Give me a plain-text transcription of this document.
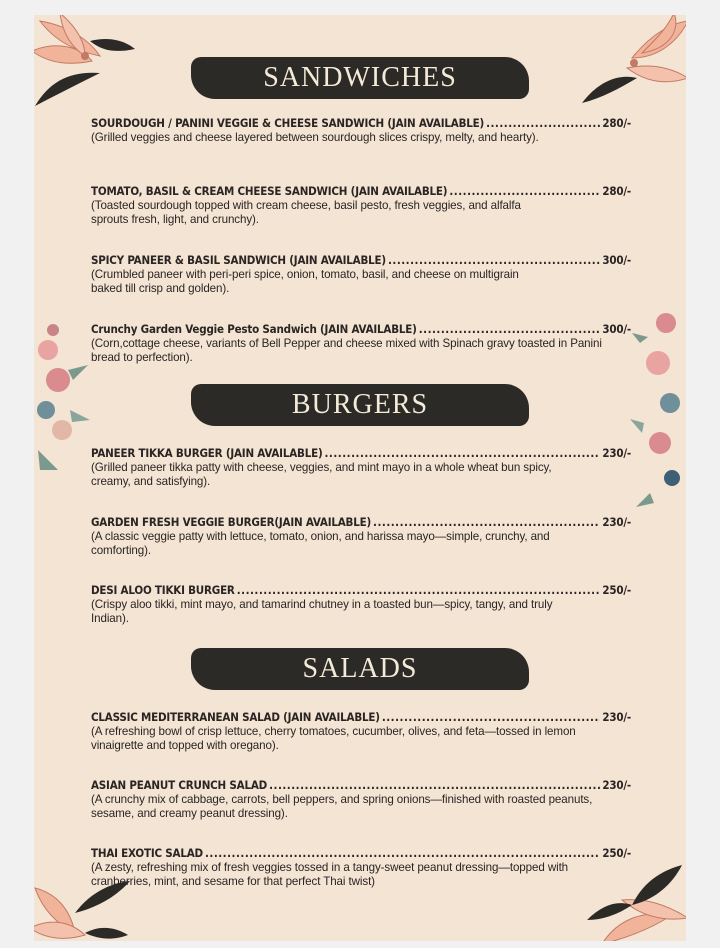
SANDWICHES
SOURDOUGH / PANINI VEGGIE & CHEESE SANDWICH (JAIN AVAILABLE) .....	280/-
(Grilled veggies and cheese layered between sourdough slices crispy, melty, and hearty).
TOMATO, BASIL & CREAM CHEESE SANDWICH (JAIN AVAILABLE) .....	280/-
(Toasted sourdough topped with cream cheese, basil pesto, fresh veggies, and alfalfa sprouts fresh, light, and crunchy).
SPICY PANEER & BASIL SANDWICH (JAIN AVAILABLE) .....	300/-
(Crumbled paneer with peri-peri spice, onion, tomato, basil, and cheese on multigrain baked till crisp and golden).
Crunchy Garden Veggie Pesto Sandwich (JAIN AVAILABLE) .....	300/-
(Corn,cottage cheese, variants of Bell Pepper and cheese mixed with Spinach gravy toasted in Panini bread to perfection).
BURGERS
PANEER TIKKA BURGER (JAIN AVAILABLE) .....	230/-
(Grilled paneer tikka patty with cheese, veggies, and mint mayo in a whole wheat bun spicy, creamy, and satisfying).
GARDEN FRESH VEGGIE BURGER(JAIN AVAILABLE) .....	230/-
(A classic veggie patty with lettuce, tomato, onion, and harissa mayo—simple, crunchy, and comforting).
DESI ALOO TIKKI BURGER .....	250/-
(Crispy aloo tikki, mint mayo, and tamarind chutney in a toasted bun—spicy, tangy, and truly Indian).
SALADS
CLASSIC MEDITERRANEAN SALAD (JAIN AVAILABLE) .....	230/-
(A refreshing bowl of crisp lettuce, cherry tomatoes, cucumber, olives, and feta—tossed in lemon vinaigrette and topped with oregano).
ASIAN PEANUT CRUNCH SALAD .....	230/-
(A crunchy mix of cabbage, carrots, bell peppers, and spring onions—finished with roasted peanuts, sesame, and creamy peanut dressing).
THAI EXOTIC SALAD .....	250/-
(A zesty, refreshing mix of fresh veggies tossed in a tangy-sweet peanut dressing—topped with cranberries, mint, and sesame for that perfect Thai twist)
